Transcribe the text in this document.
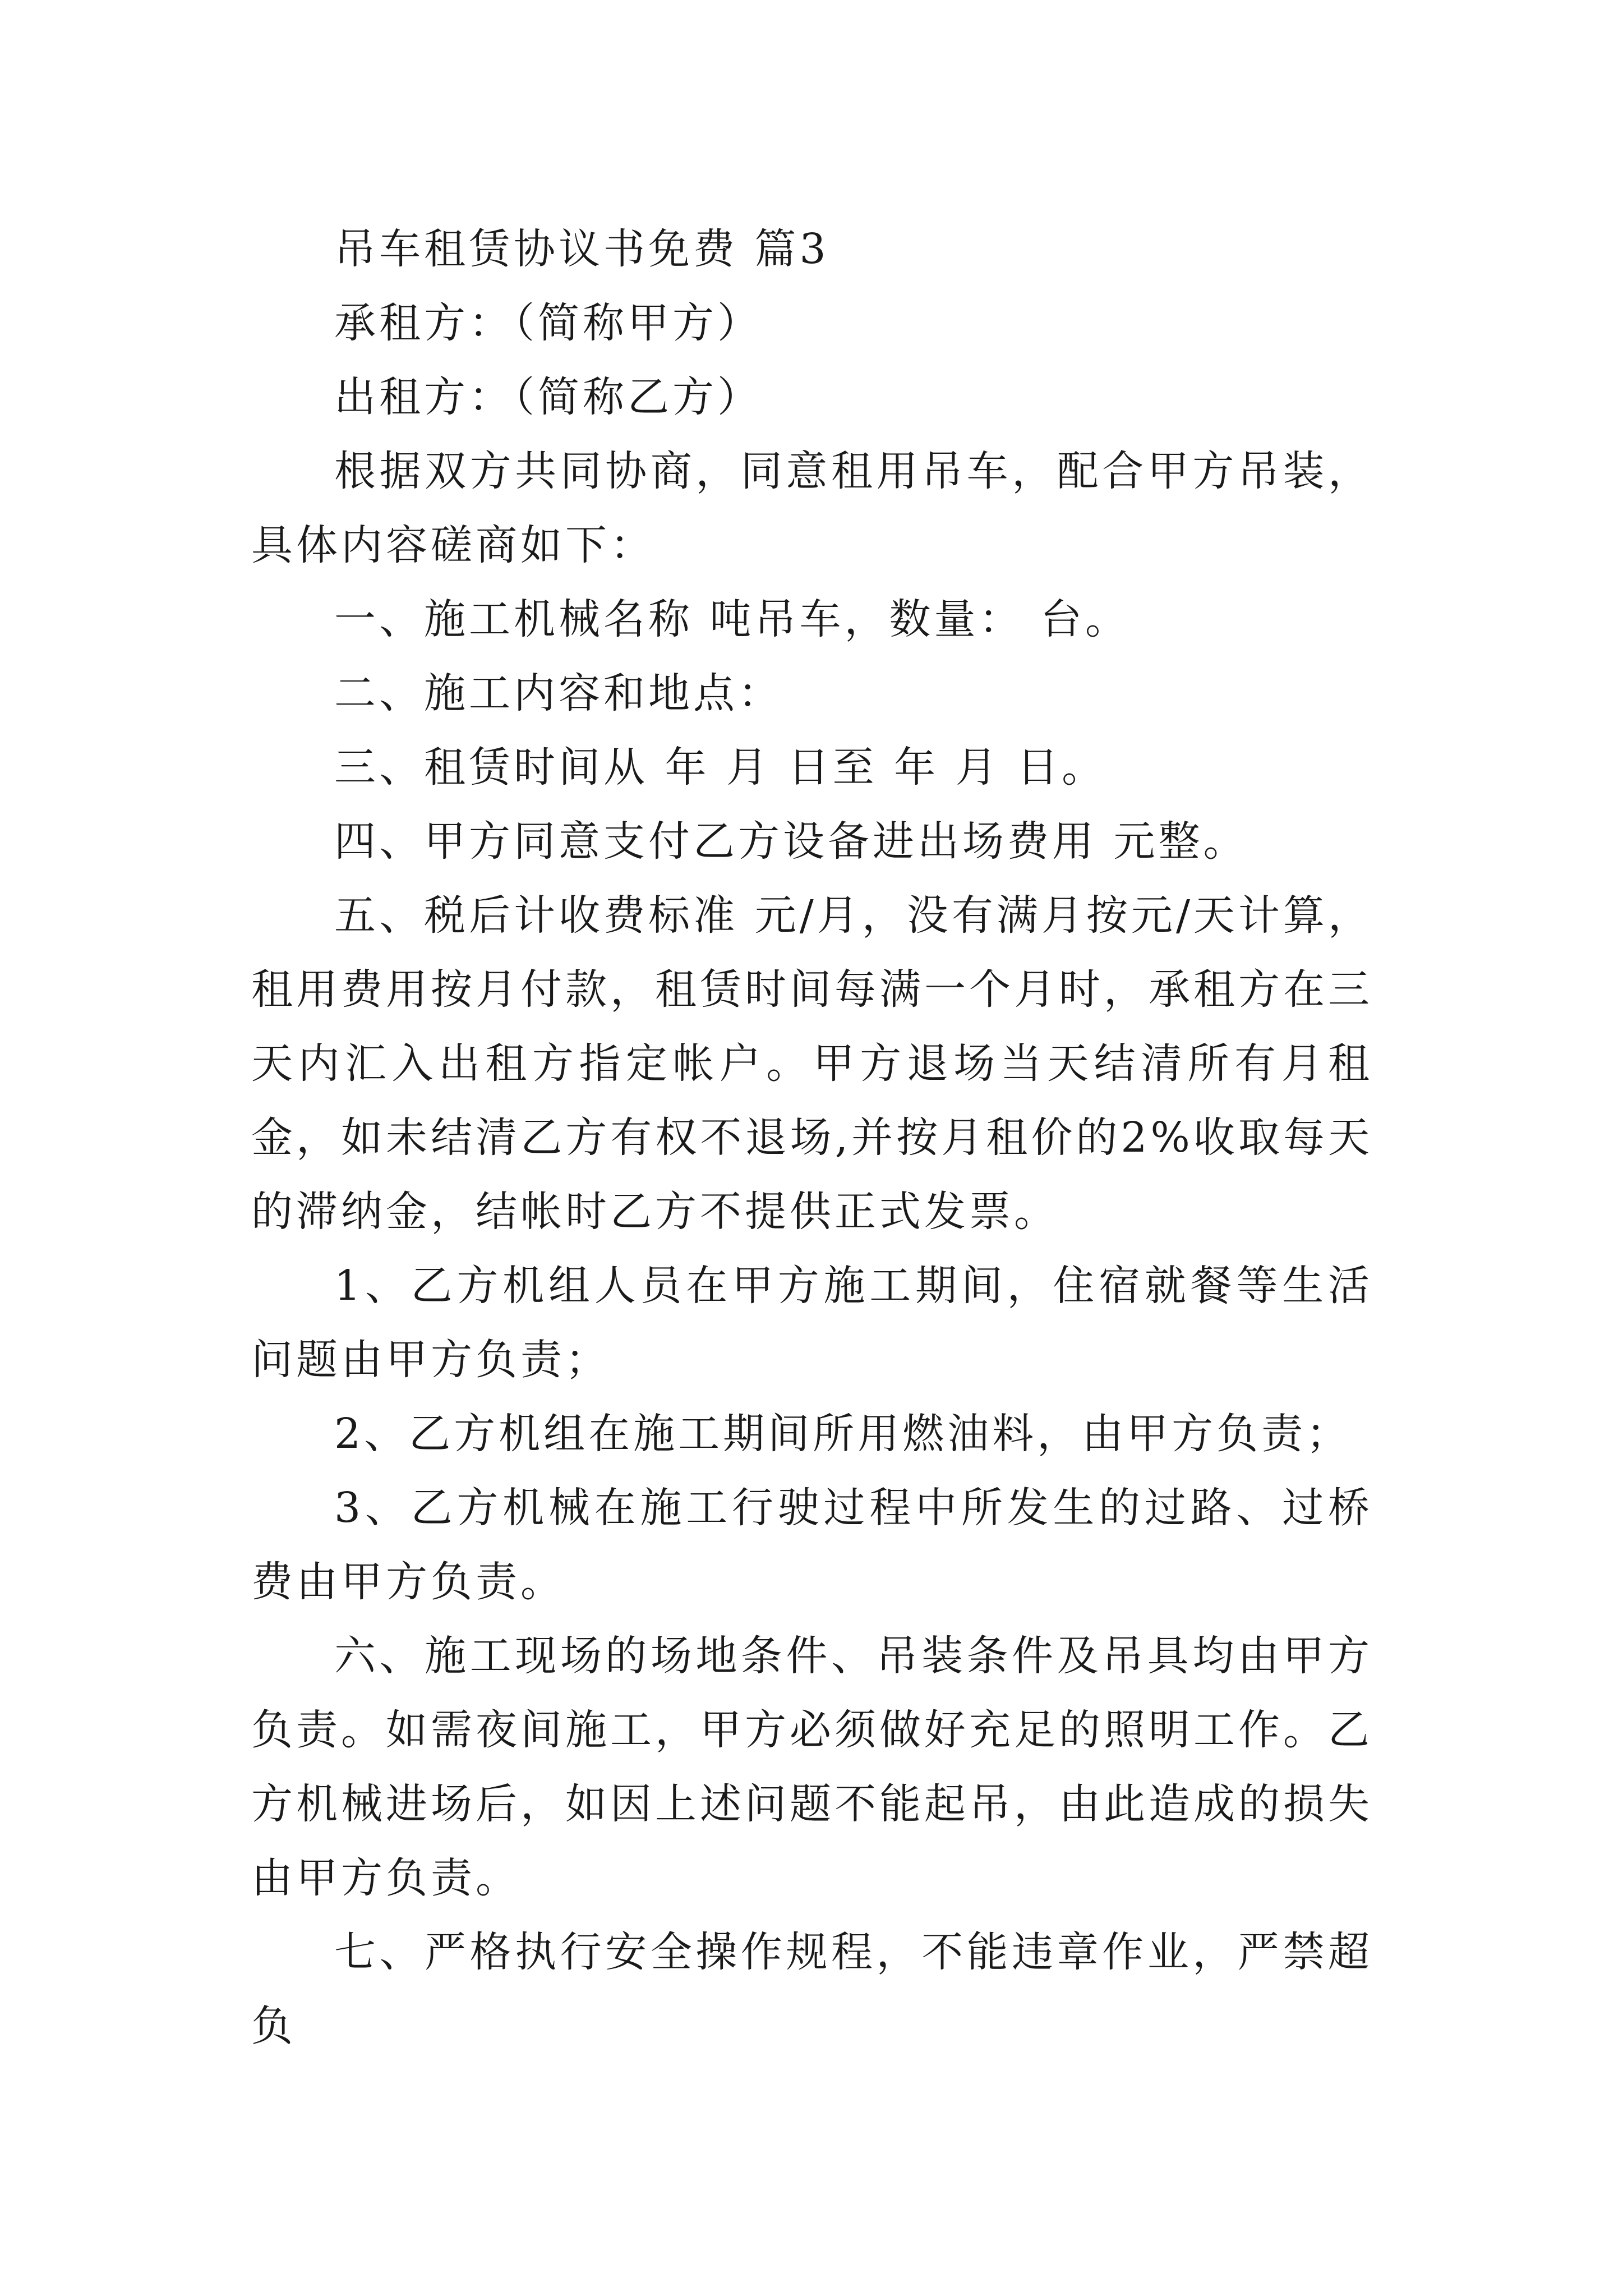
吊车租赁协议书免费 篇3

承租方：（简称甲方）

出租方：（简称乙方）

根据双方共同协商，同意租用吊车，配合甲方吊装，具体内容磋商如下：

一、施工机械名称 吨吊车，数量： 台。

二、施工内容和地点：

三、租赁时间从 年 月 日至 年 月 日。

四、甲方同意支付乙方设备进出场费用 元整。

五、税后计收费标准 元/月，没有满月按元/天计算，租用费用按月付款，租赁时间每满一个月时，承租方在三天内汇入出租方指定帐户。甲方退场当天结清所有月租金，如未结清乙方有权不退场,并按月租价的2%收取每天的滞纳金，结帐时乙方不提供正式发票。

1、乙方机组人员在甲方施工期间，住宿就餐等生活问题由甲方负责；

2、乙方机组在施工期间所用燃油料，由甲方负责；

3、乙方机械在施工行驶过程中所发生的过路、过桥费由甲方负责。

六、施工现场的场地条件、吊装条件及吊具均由甲方负责。如需夜间施工，甲方必须做好充足的照明工作。乙方机械进场后，如因上述问题不能起吊，由此造成的损失由甲方负责。

七、严格执行安全操作规程，不能违章作业，严禁超负
